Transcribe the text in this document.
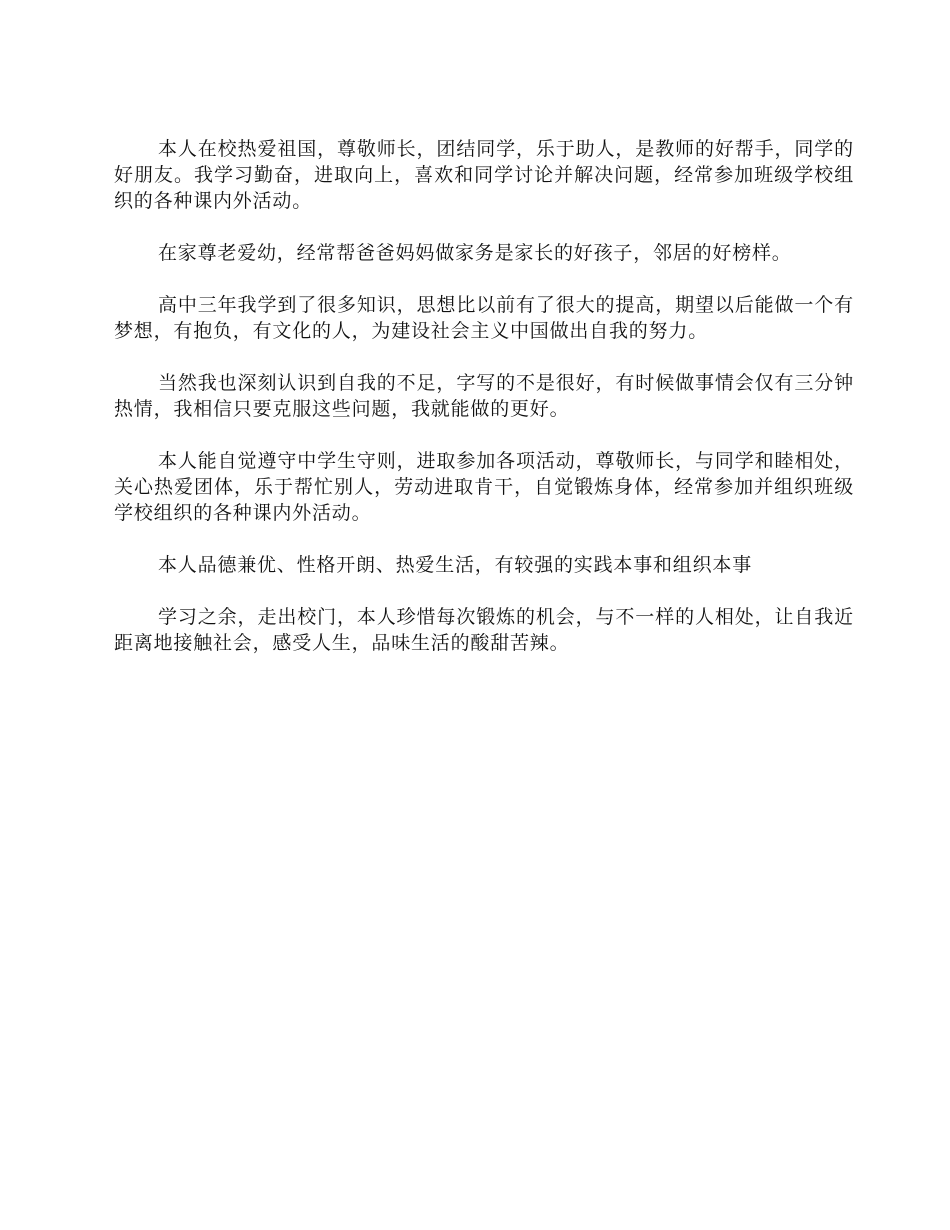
本人在校热爱祖国，尊敬师长，团结同学，乐于助人，是教师的好帮手，同学的好朋友。我学习勤奋，进取向上，喜欢和同学讨论并解决问题，经常参加班级学校组织的各种课内外活动。

在家尊老爱幼，经常帮爸爸妈妈做家务是家长的好孩子，邻居的好榜样。

高中三年我学到了很多知识，思想比以前有了很大的提高，期望以后能做一个有梦想，有抱负，有文化的人，为建设社会主义中国做出自我的努力。

当然我也深刻认识到自我的不足，字写的不是很好，有时候做事情会仅有三分钟热情，我相信只要克服这些问题，我就能做的更好。

本人能自觉遵守中学生守则，进取参加各项活动，尊敬师长，与同学和睦相处，关心热爱团体，乐于帮忙别人，劳动进取肯干，自觉锻炼身体，经常参加并组织班级学校组织的各种课内外活动。

本人品德兼优、性格开朗、热爱生活，有较强的实践本事和组织本事

学习之余，走出校门，本人珍惜每次锻炼的机会，与不一样的人相处，让自我近距离地接触社会，感受人生，品味生活的酸甜苦辣。
